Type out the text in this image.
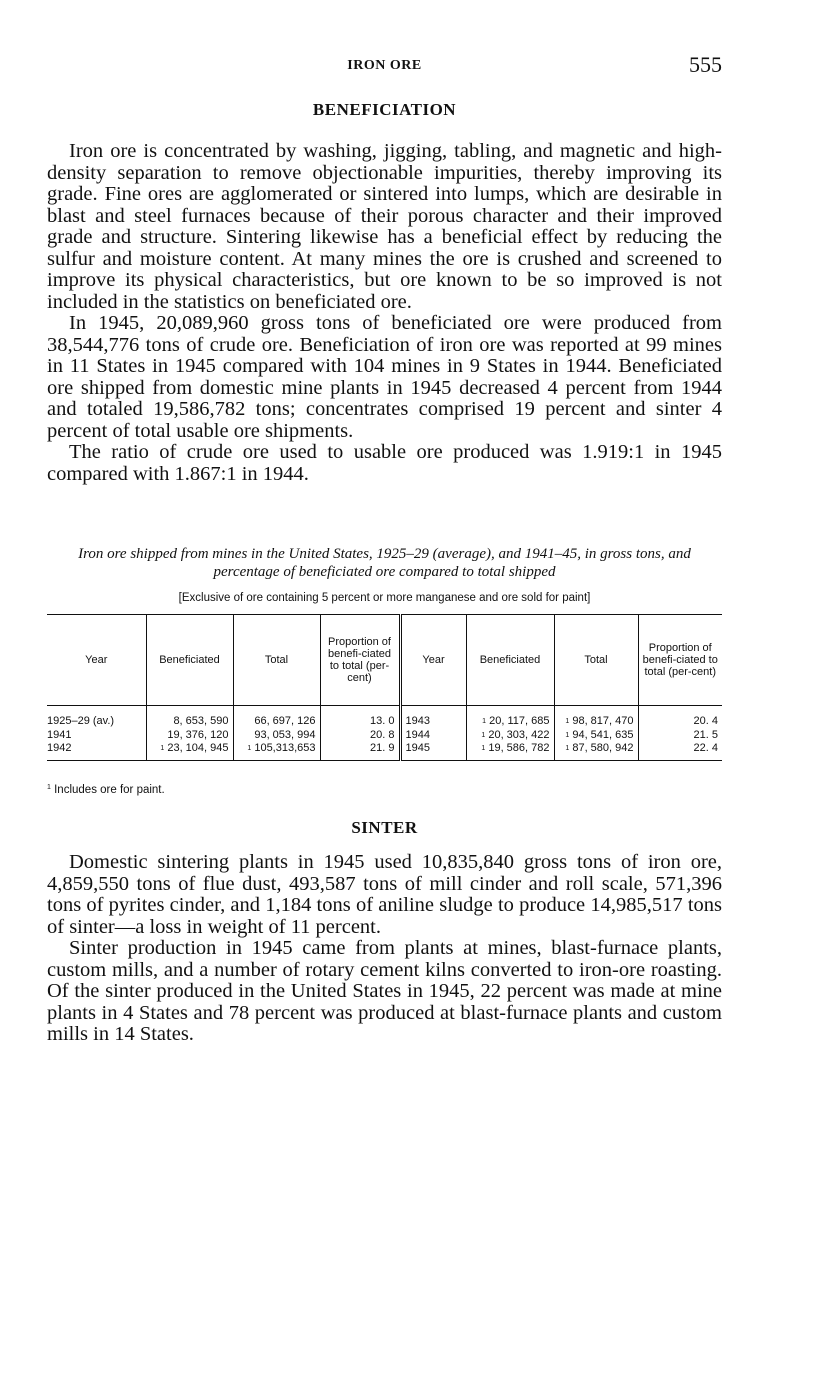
IRON ORE	555
BENEFICIATION

Iron ore is concentrated by washing, jigging, tabling, and magnetic and high-density separation to remove objectionable impurities, thereby improving its grade. Fine ores are agglomerated or sintered into lumps, which are desirable in blast and steel furnaces because of their porous character and their improved grade and structure. Sintering likewise has a beneficial effect by reducing the sulfur and moisture content. At many mines the ore is crushed and screened to improve its physical characteristics, but ore known to be so improved is not included in the statistics on beneficiated ore.

In 1945, 20,089,960 gross tons of beneficiated ore were produced from 38,544,776 tons of crude ore. Beneficiation of iron ore was reported at 99 mines in 11 States in 1945 compared with 104 mines in 9 States in 1944. Beneficiated ore shipped from domestic mine plants in 1945 decreased 4 percent from 1944 and totaled 19,586,782 tons; concentrates comprised 19 percent and sinter 4 percent of total usable ore shipments.

The ratio of crude ore used to usable ore produced was 1.919:1 in 1945 compared with 1.867:1 in 1944.

Iron ore shipped from mines in the United States, 1925–29 (average), and 1941–45, in gross tons, and percentage of beneficiated ore compared to total shipped
[Exclusive of ore containing 5 percent or more manganese and ore sold for paint]
Year	Beneficiated	Total	Proportion of benefi-ciated to total (per-cent)	Year	Beneficiated	Total	Proportion of benefi-ciated to total (per-cent)
1925–29 (av.)	8, 653, 590	66, 697, 126	13. 0	1943	$^1$ 20, 117, 685	$^1$ 98, 817, 470	20. 4
1941	19, 376, 120	93, 053, 994	20. 8	1944	$^1$ 20, 303, 422	$^1$ 94, 541, 635	21. 5
1942	$^1$ 23, 104, 945	$^1$ 105,313,653	21. 9	1945	$^1$ 19, 586, 782	$^1$ 87, 580, 942	22. 4
$^1$ Includes ore for paint.
SINTER

Domestic sintering plants in 1945 used 10,835,840 gross tons of iron ore, 4,859,550 tons of flue dust, 493,587 tons of mill cinder and roll scale, 571,396 tons of pyrites cinder, and 1,184 tons of aniline sludge to produce 14,985,517 tons of sinter—a loss in weight of 11 percent.

Sinter production in 1945 came from plants at mines, blast-furnace plants, custom mills, and a number of rotary cement kilns converted to iron-ore roasting. Of the sinter produced in the United States in 1945, 22 percent was made at mine plants in 4 States and 78 percent was produced at blast-furnace plants and custom mills in 14 States.
